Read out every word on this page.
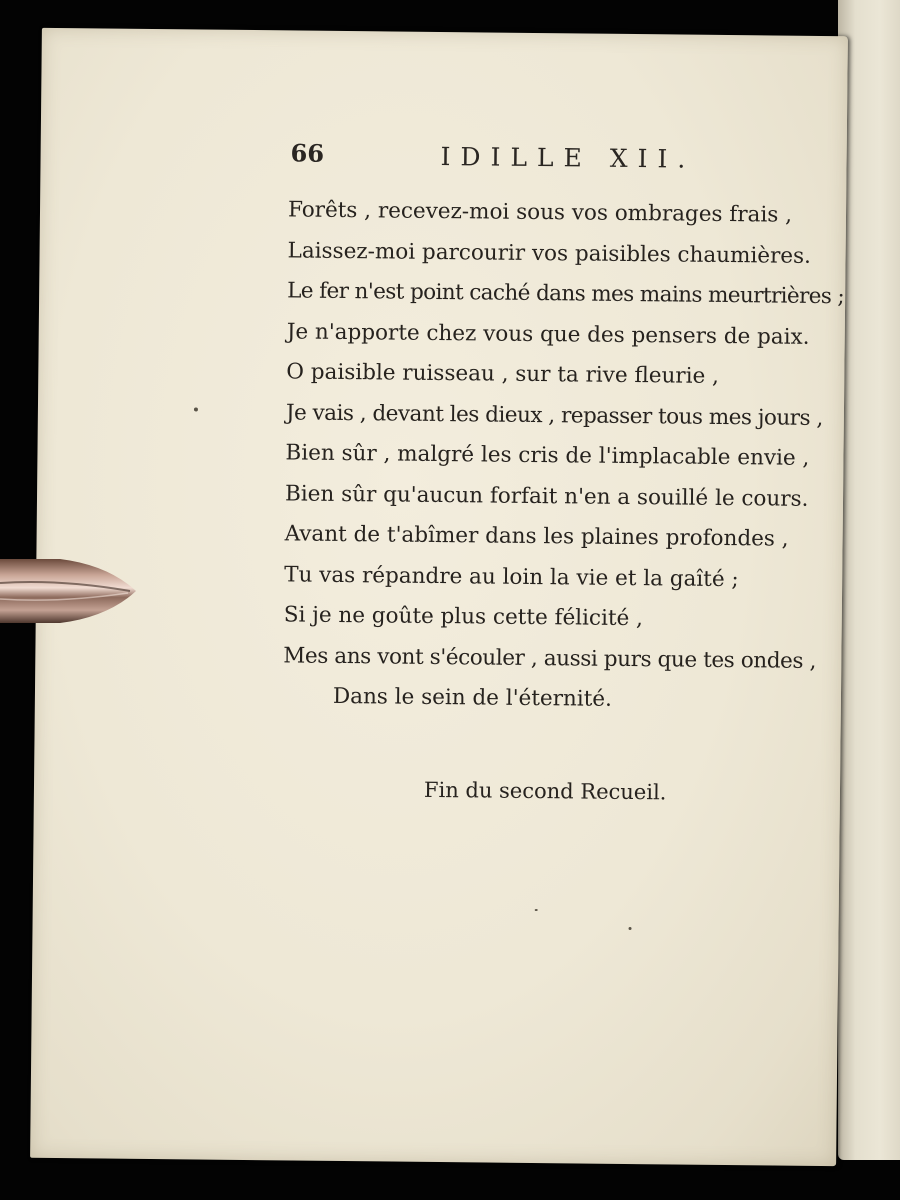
66	IDILLE XII.
Forêts , recevez-moi sous vos ombrages frais ,
Laissez-moi parcourir vos paisibles chaumières.
Le fer n'est point caché dans mes mains meurtrières ;
Je n'apporte chez vous que des pensers de paix.
O paisible ruisseau , sur ta rive fleurie ,
Je vais , devant les dieux , repasser tous mes jours ,
Bien sûr , malgré les cris de l'implacable envie ,
Bien sûr qu'aucun forfait n'en a souillé le cours.
Avant de t'abîmer dans les plaines profondes ,
Tu vas répandre au loin la vie et la gaîté ;
Si je ne goûte plus cette félicité ,
Mes ans vont s'écouler , aussi purs que tes ondes ,
Dans le sein de l'éternité.
Fin du second Recueil.
